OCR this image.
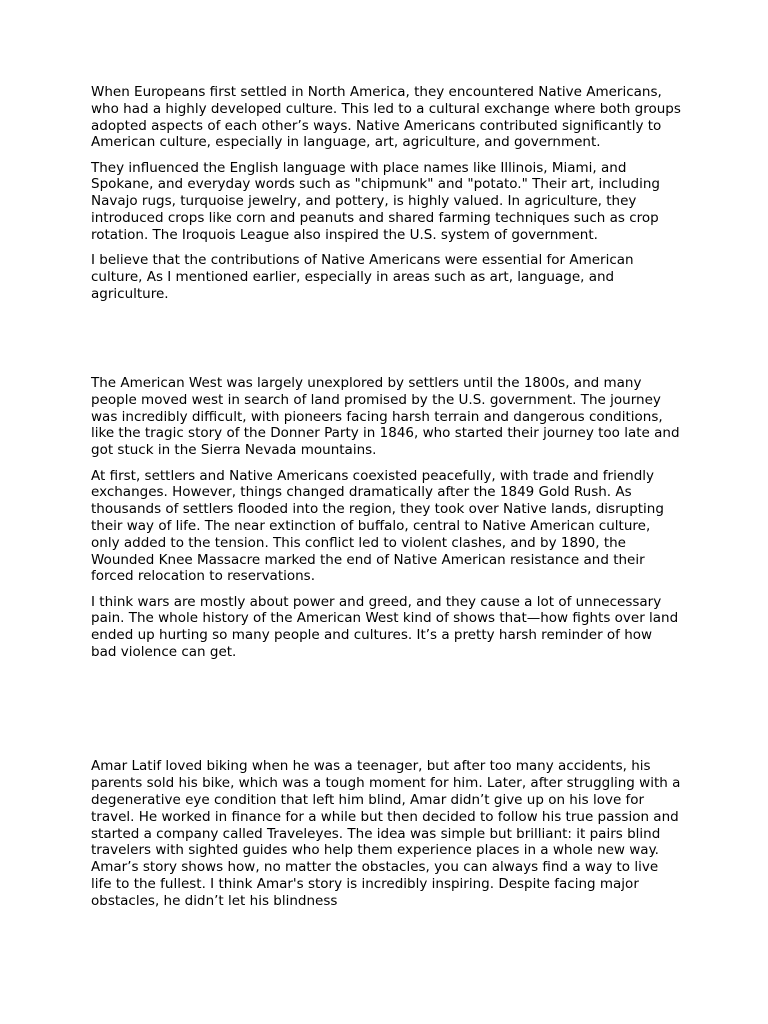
When Europeans first settled in North America, they encountered Native Americans, who had a highly developed culture. This led to a cultural exchange where both groups adopted aspects of each other’s ways. Native Americans contributed significantly to American culture, especially in language, art, agriculture, and government.

They influenced the English language with place names like Illinois, Miami, and Spokane, and everyday words such as "chipmunk" and "potato." Their art, including Navajo rugs, turquoise jewelry, and pottery, is highly valued. In agriculture, they introduced crops like corn and peanuts and shared farming techniques such as crop rotation. The Iroquois League also inspired the U.S. system of government.

I believe that the contributions of Native Americans were essential for American culture, As I mentioned earlier, especially in areas such as art, language, and agriculture.

The American West was largely unexplored by settlers until the 1800s, and many people moved west in search of land promised by the U.S. government. The journey was incredibly difficult, with pioneers facing harsh terrain and dangerous conditions, like the tragic story of the Donner Party in 1846, who started their journey too late and got stuck in the Sierra Nevada mountains.

At first, settlers and Native Americans coexisted peacefully, with trade and friendly exchanges. However, things changed dramatically after the 1849 Gold Rush. As thousands of settlers flooded into the region, they took over Native lands, disrupting their way of life. The near extinction of buffalo, central to Native American culture, only added to the tension. This conflict led to violent clashes, and by 1890, the Wounded Knee Massacre marked the end of Native American resistance and their forced relocation to reservations.

I think wars are mostly about power and greed, and they cause a lot of unnecessary pain. The whole history of the American West kind of shows that—how fights over land ended up hurting so many people and cultures. It’s a pretty harsh reminder of how bad violence can get.

Amar Latif loved biking when he was a teenager, but after too many accidents, his parents sold his bike, which was a tough moment for him. Later, after struggling with a degenerative eye condition that left him blind, Amar didn’t give up on his love for travel. He worked in finance for a while but then decided to follow his true passion and started a company called Traveleyes. The idea was simple but brilliant: it pairs blind travelers with sighted guides who help them experience places in a whole new way. Amar’s story shows how, no matter the obstacles, you can always find a way to live life to the fullest. I think Amar's story is incredibly inspiring. Despite facing major obstacles, he didn’t let his blindness
